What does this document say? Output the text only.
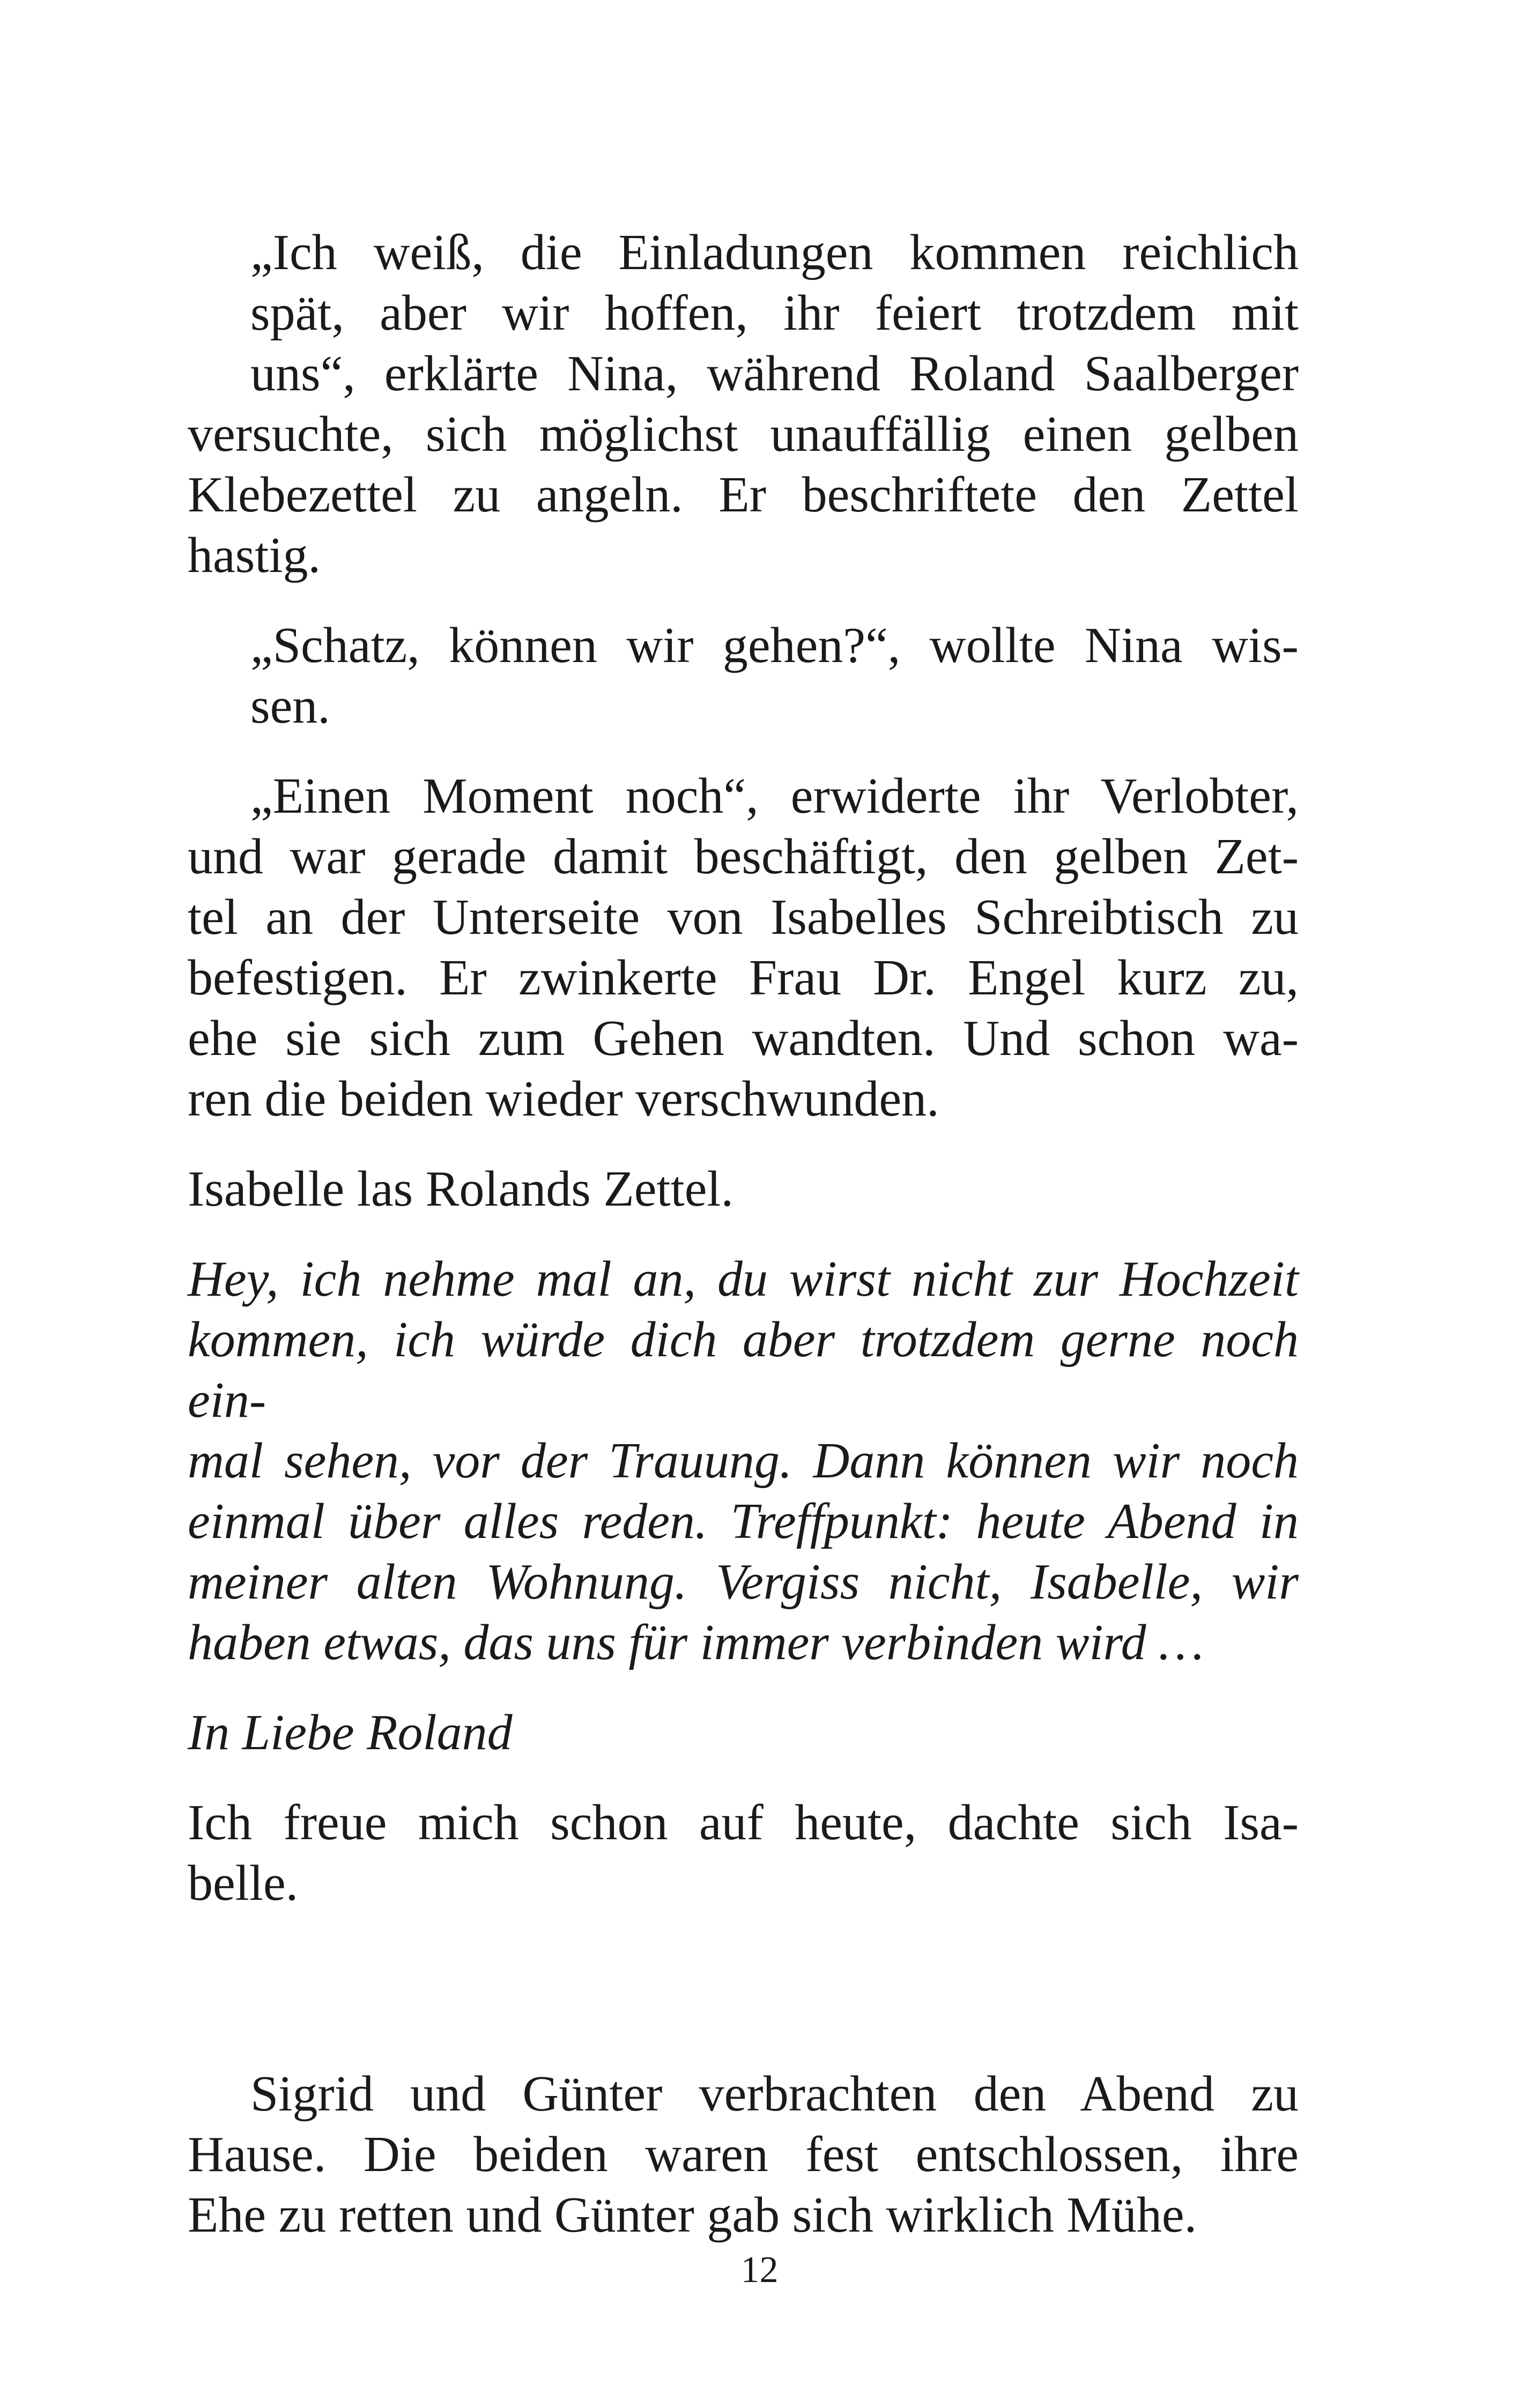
„Ich weiß, die Einladungen kommen reichlich
spät, aber wir hoffen, ihr feiert trotzdem mit
uns“, erklärte Nina, während Roland Saalberger
versuchte, sich möglichst unauffällig einen gelben
Klebezettel zu angeln. Er beschriftete den Zettel
hastig.
„Schatz, können wir gehen?“, wollte Nina wis-
sen.
„Einen Moment noch“, erwiderte ihr Verlobter,
und war gerade damit beschäftigt, den gelben Zet-
tel an der Unterseite von Isabelles Schreibtisch zu
befestigen. Er zwinkerte Frau Dr. Engel kurz zu,
ehe sie sich zum Gehen wandten. Und schon wa-
ren die beiden wieder verschwunden.
Isabelle las Rolands Zettel.
Hey, ich nehme mal an, du wirst nicht zur Hochzeit
kommen, ich würde dich aber trotzdem gerne noch ein-
mal sehen, vor der Trauung. Dann können wir noch
einmal über alles reden. Treffpunkt: heute Abend in
meiner alten Wohnung. Vergiss nicht, Isabelle, wir
haben etwas, das uns für immer verbinden wird …
In Liebe Roland
Ich freue mich schon auf heute, dachte sich Isa-
belle.
Sigrid und Günter verbrachten den Abend zu
Hause. Die beiden waren fest entschlossen, ihre
Ehe zu retten und Günter gab sich wirklich Mühe.
12
